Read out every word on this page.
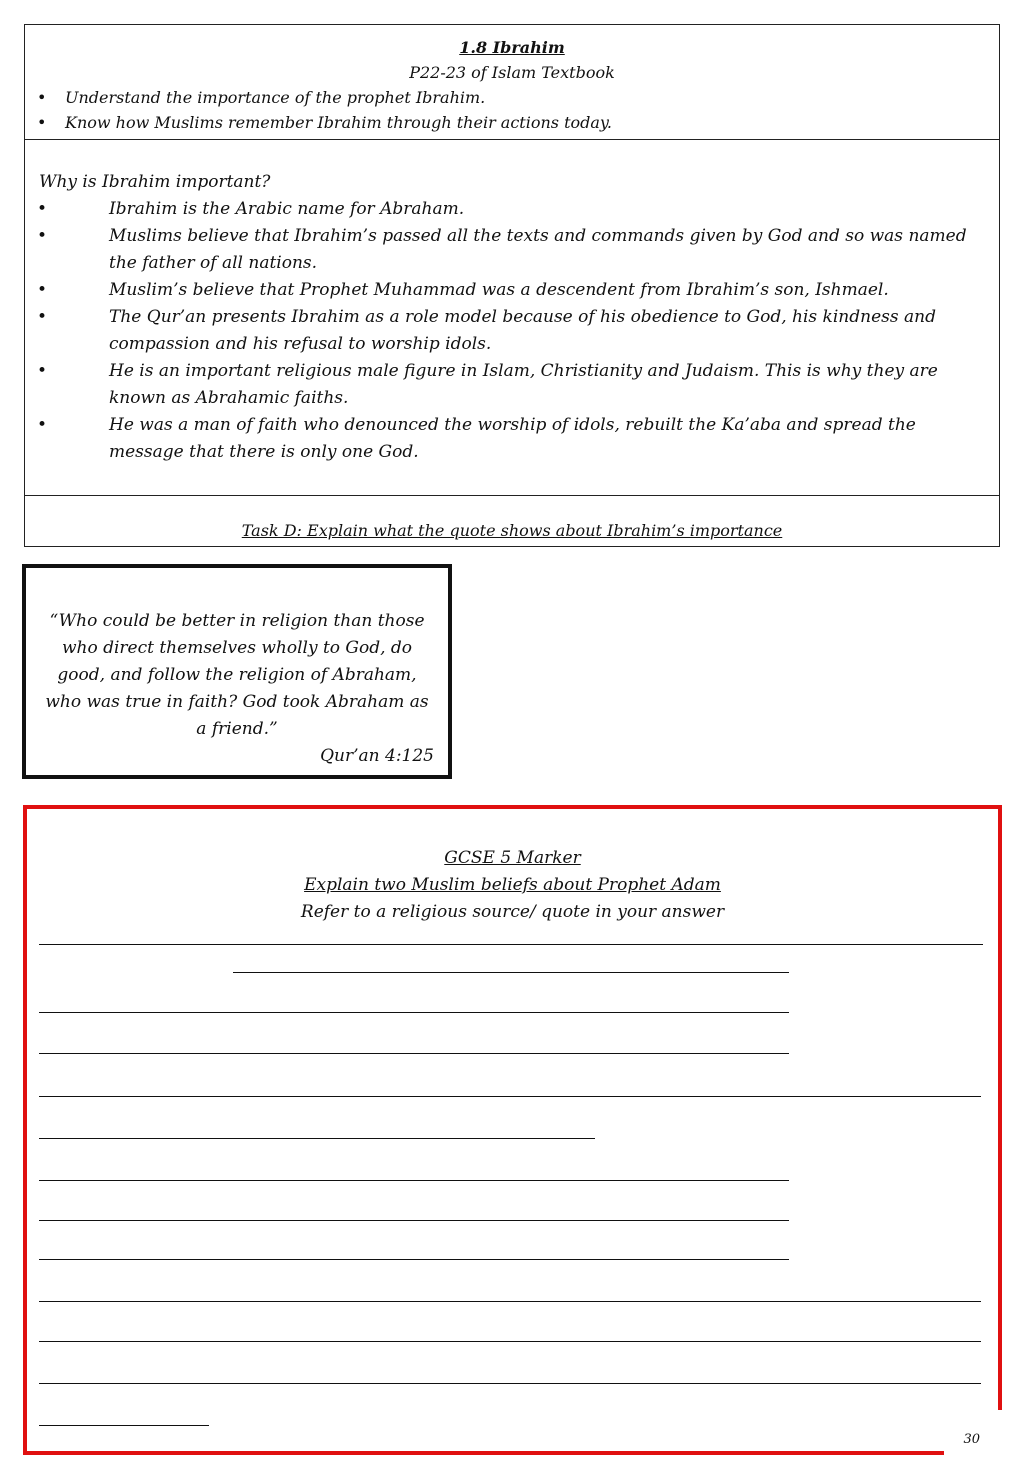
1.8 Ibrahim
P22-23 of Islam Textbook
• Understand the importance of the prophet Ibrahim.
• Know how Muslims remember Ibrahim through their actions today.
Why is Ibrahim important?
•	Ibrahim is the Arabic name for Abraham.
•	Muslims believe that Ibrahim’s passed all the texts and commands given by God and so was named the father of all nations.
•	Muslim’s believe that Prophet Muhammad was a descendent from Ibrahim’s son, Ishmael.
•	The Qur’an presents Ibrahim as a role model because of his obedience to God, his kindness and compassion and his refusal to worship idols.
•	He is an important religious male figure in Islam, Christianity and Judaism. This is why they are known as Abrahamic faiths.
•	He was a man of faith who denounced the worship of idols, rebuilt the Ka’aba and spread the message that there is only one God.
Task D: Explain what the quote shows about Ibrahim’s importance
“Who could be better in religion than those who direct themselves wholly to God, do good, and follow the religion of Abraham, who was true in faith? God took Abraham as a friend.”
Qur’an 4:125
GCSE 5 Marker
Explain two Muslim beliefs about Prophet Adam
Refer to a religious source/ quote in your answer
30
